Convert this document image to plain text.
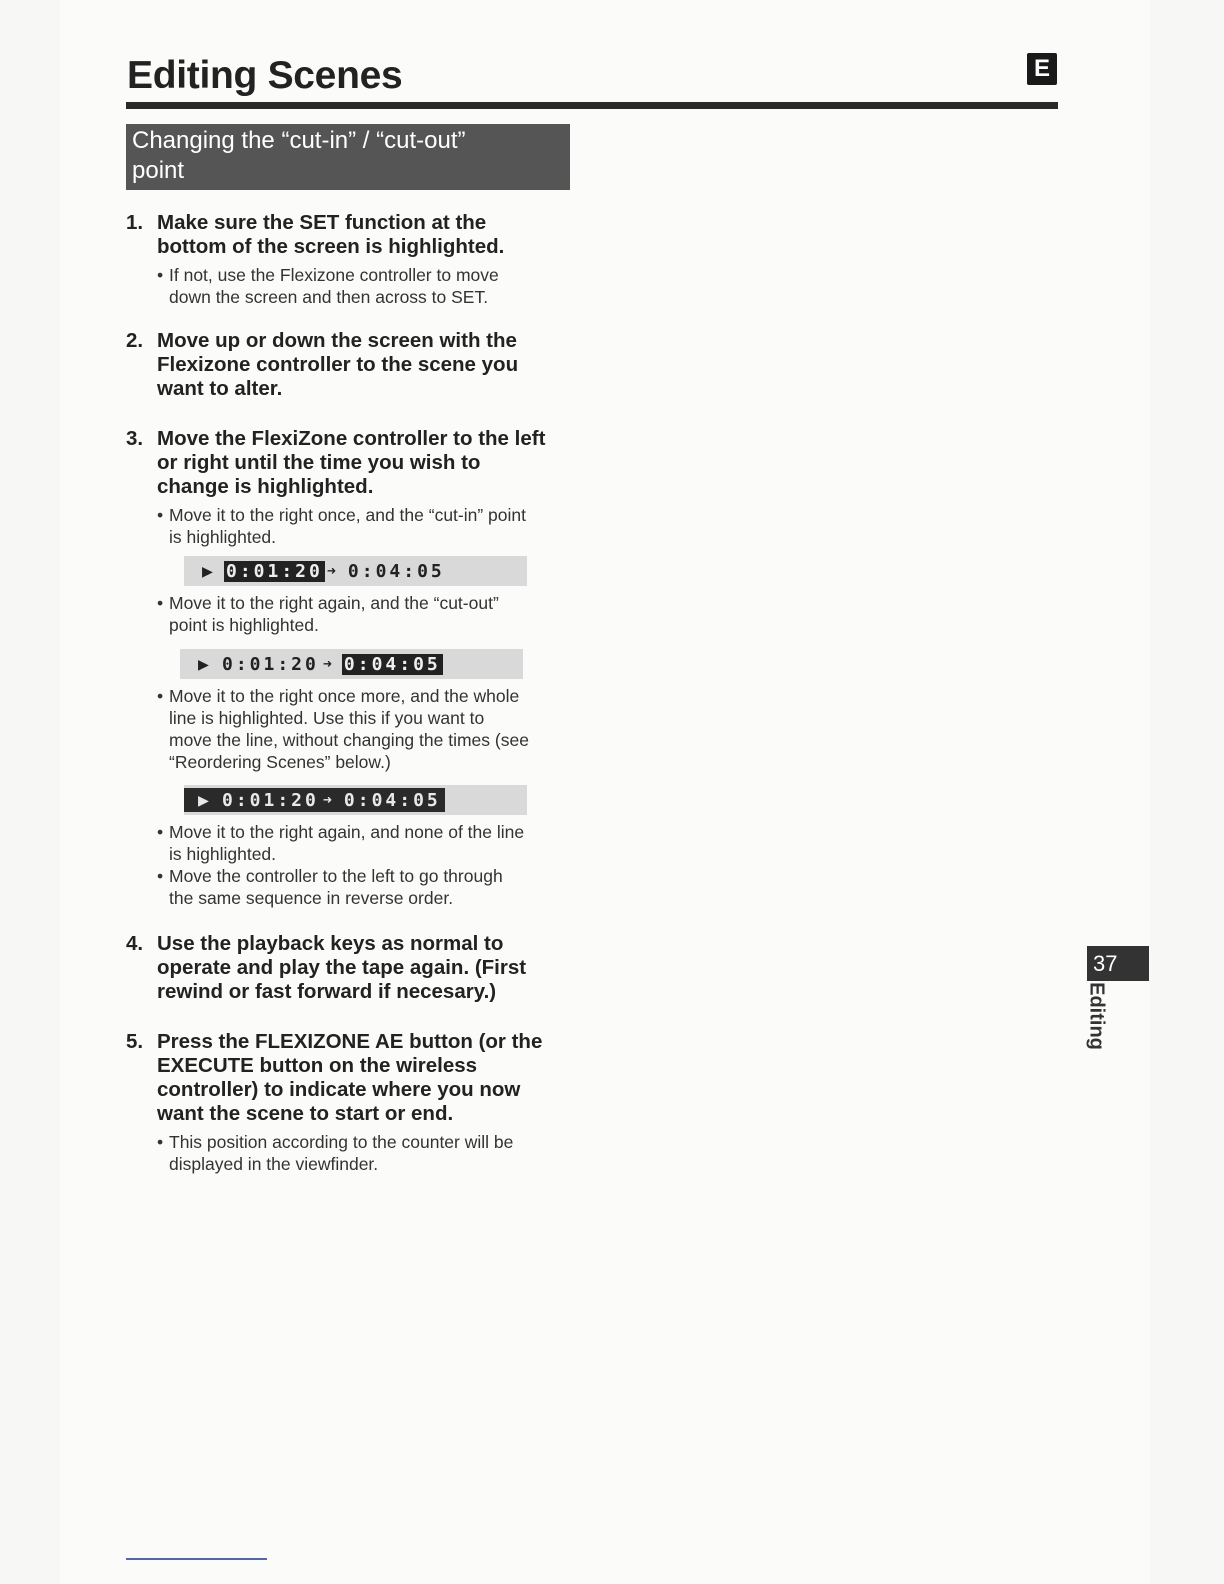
Editing Scenes	E
Changing the “cut-in” / “cut-out”
point
1. Make sure the SET function at the
bottom of the screen is highlighted.
• If not, use the Flexizone controller to move
down the screen and then across to SET.
2. Move up or down the screen with the
Flexizone controller to the scene you
want to alter.
3. Move the FlexiZone controller to the left
or right until the time you wish to
change is highlighted.
• Move it to the right once, and the “cut-in” point
is highlighted.
▶ 0:01:20 ➜ 0:04:05
• Move it to the right again, and the “cut-out”
point is highlighted.
▶ 0:01:20 ➜ 0:04:05
• Move it to the right once more, and the whole
line is highlighted. Use this if you want to
move the line, without changing the times (see
“Reordering Scenes” below.)
▶ 0:01:20 ➜ 0:04:05
• Move it to the right again, and none of the line
is highlighted.
• Move the controller to the left to go through
the same sequence in reverse order.
4. Use the playback keys as normal to
operate and play the tape again. (First
rewind or fast forward if necesary.)
5. Press the FLEXIZONE AE button (or the
EXECUTE button on the wireless
controller) to indicate where you now
want the scene to start or end.
• This position according to the counter will be
displayed in the viewfinder.
37
Editing
